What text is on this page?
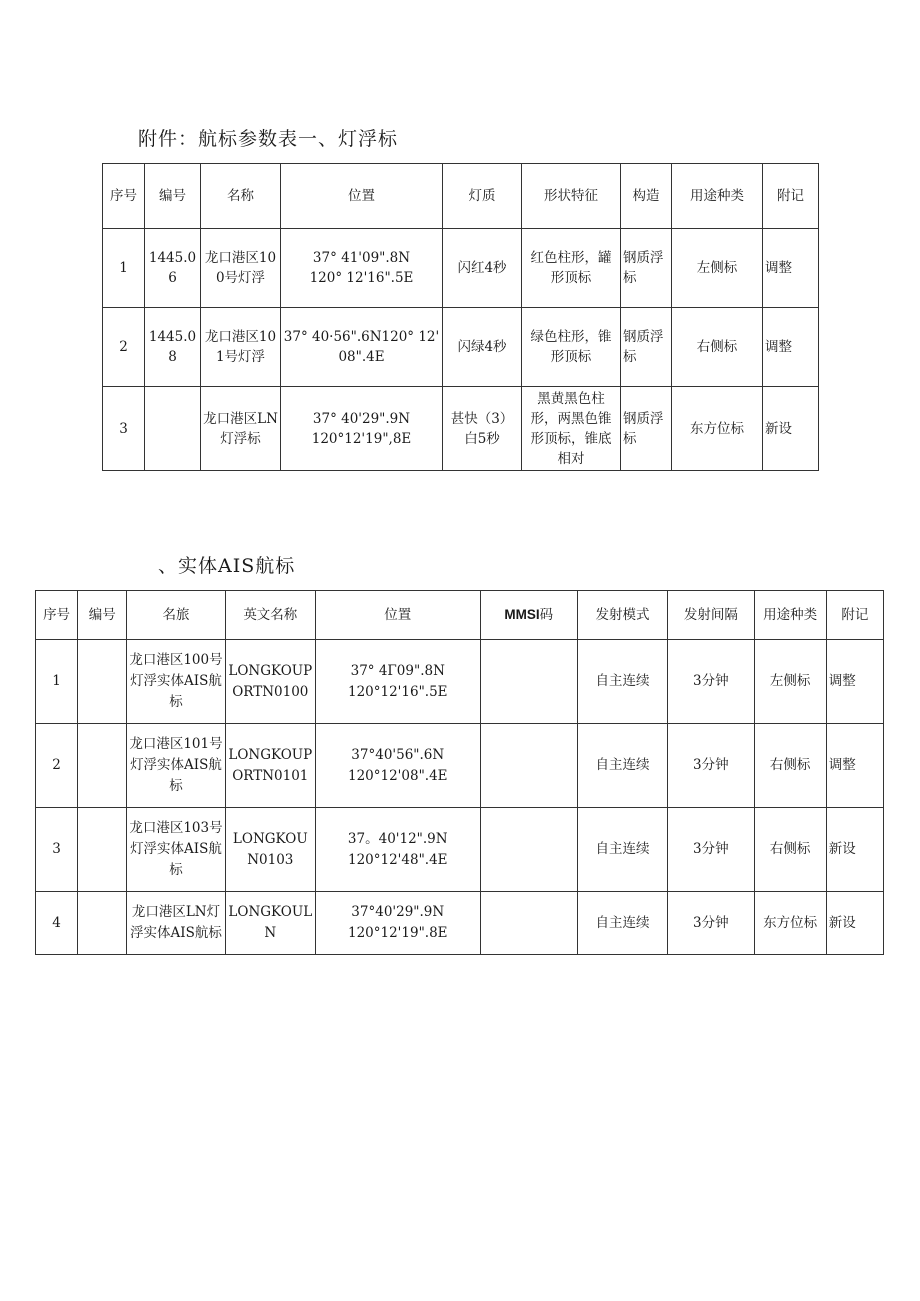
附件：航标参数表一、灯浮标
序号	编号	名称	位置	灯质	形状特征	构造	用途种类	附记
1	1445.06	龙口港区100号灯浮	37° 41'09".8N
120° 12'16".5E	闪红4秒	红色柱形，罐形顶标	钢质浮标	左侧标	调整
2	1445.08	龙口港区101号灯浮	37° 40·56".6N120° 12'
08".4E	闪绿4秒	绿色柱形，锥形顶标	钢质浮标	右侧标	调整
3		龙口港区LN灯浮标	37° 40'29".9N
120°12'19",8E	甚快（3）白5秒	黑黄黑色柱形，两黑色锥形顶标，锥底相对	钢质浮标	东方位标	新设
、实体AIS航标
序号	编号	名旅	英文名称	位置	MMSI码	发射模式	发射间隔	用途种类	附记
1		龙口港区100号灯浮实体AIS航标	LONGKOUPORTN0100	37° 4Γ09".8N
120°12'16".5E		自主连续	3分钟	左侧标	调整
2		龙口港区101号灯浮实体AIS航标	LONGKOUPORTN0101	37°40'56".6N
120°12'08".4E		自主连续	3分钟	右侧标	调整
3		龙口港区103号灯浮实体AIS航标	LONGKOUN0103	37。40'12".9N
120°12'48".4E		自主连续	3分钟	右侧标	新设
4		龙口港区LN灯浮实体AIS航标	LONGKOULN	37°40'29".9N
120°12'19".8E		自主连续	3分钟	东方位标	新设
